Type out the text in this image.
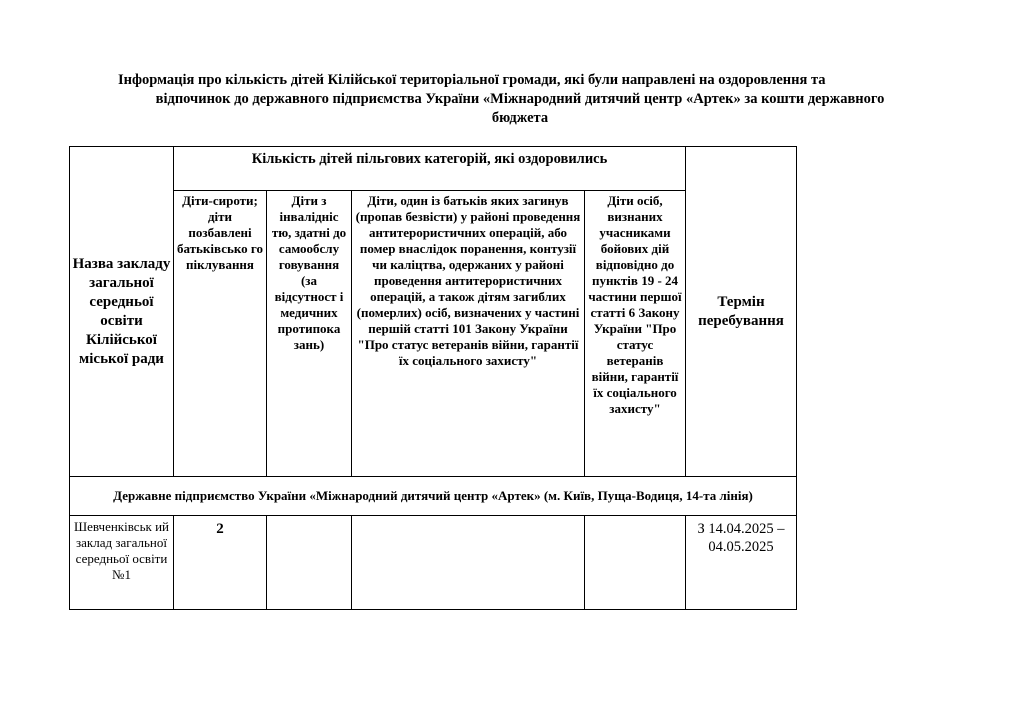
Інформація про кількість дітей Кілійської територіальної громади, які були направлені на оздоровлення та
відпочинок до державного підприємства України «Міжнародний дитячий центр «Артек» за кошти державного
бюджета
Назва закладу загальної середньої освіти Кілійської міської ради	Кількість дітей пільгових категорій, які оздоровились				Термін перебування
	Діти-сироти; діти позбавлені батьківсько го піклування	Діти з інвалідніс тю, здатні до самообслу говування (за відсутност і медичних протипока зань)	Діти, один із батьків яких загинув (пропав безвісти) у районі проведення антитерористичних операцій, або помер внаслідок поранення, контузії чи каліцтва, одержаних у районі проведення антитерористичних операцій, а також дітям загиблих (померлих) осіб, визначених у частині першій статті 101 Закону України "Про статус ветеранів війни, гарантії їх соціального захисту"	Діти осіб, визнаних учасниками бойових дій відповідно до пунктів 19 - 24 частини першої статті 6 Закону України "Про статус ветеранів війни, гарантії їх соціального захисту"	
Державне підприємство України «Міжнародний дитячий центр «Артек» (м. Київ, Пуща-Водиця, 14-та лінія)					
Шевченківськ ий заклад загальної середньої освіти №1	2				З 14.04.2025 – 04.05.2025
